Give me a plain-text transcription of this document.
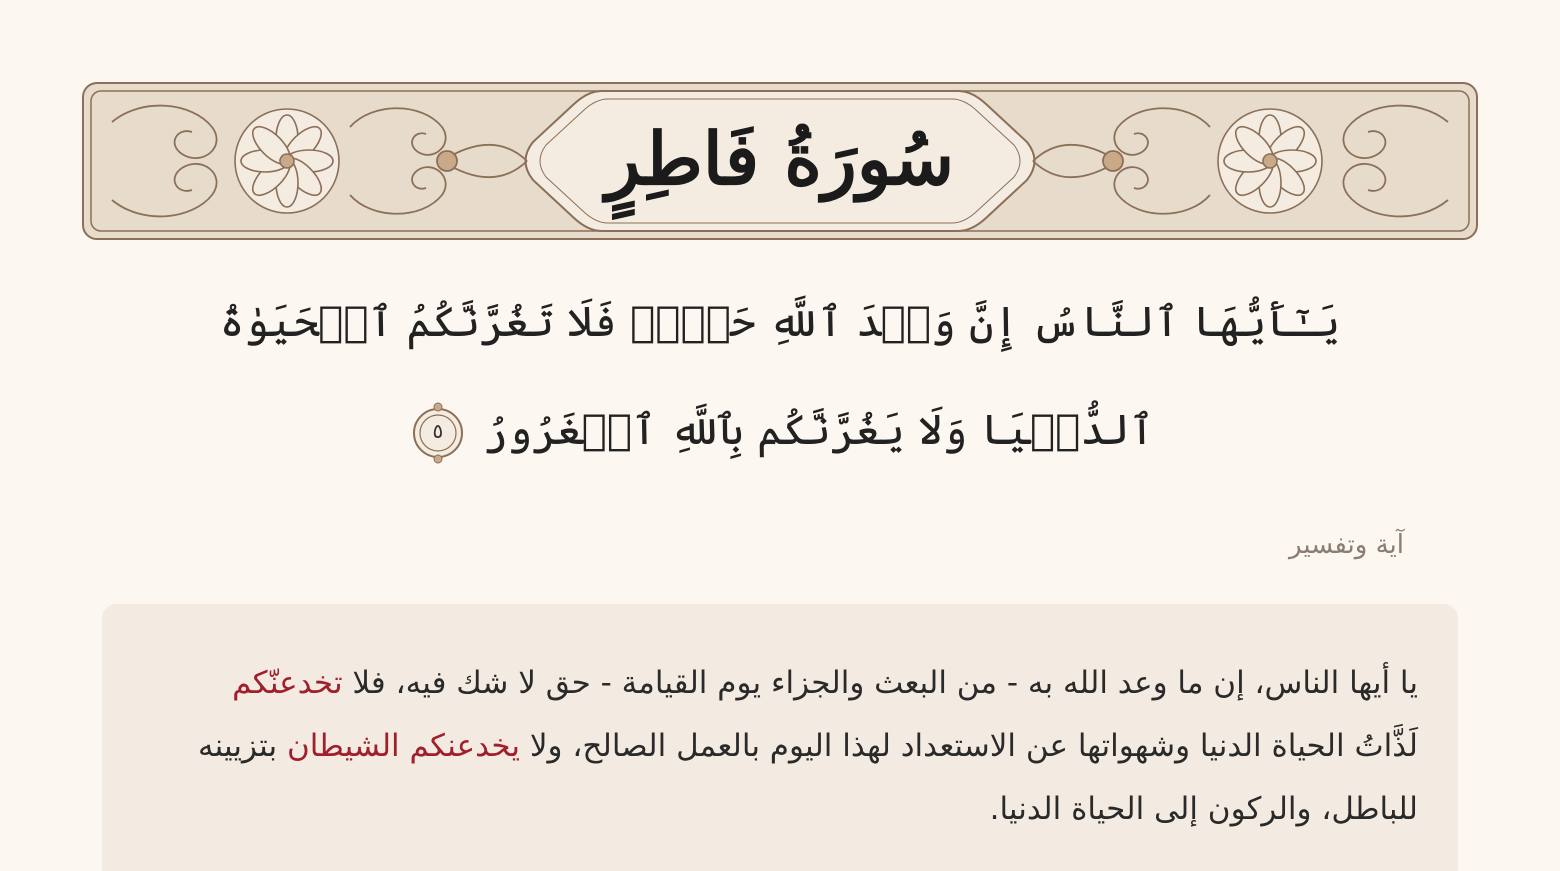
سُورَةُ فَاطِرٍ
يَـٰٓأَيُّهَا ٱلنَّاسُ إِنَّ وَعۡدَ ٱللَّهِ حَقّٞۖ فَلَا تَغُرَّنَّكُمُ ٱلۡحَيَوٰةُ ٱلدُّنۡيَا وَلَا يَغُرَّنَّكُم بِٱللَّهِ ٱلۡغَرُورُ
٥
آية وتفسير

يا أيها الناس، إن ما وعد الله به - من البعث والجزاء يوم القيامة - حق لا شك فيه، فلا تخدعنّكم لَذَّاتُ الحياة الدنيا وشهواتها عن الاستعداد لهذا اليوم بالعمل الصالح، ولا يخدعنكم الشيطان بتزيينه للباطل، والركون إلى الحياة الدنيا.
